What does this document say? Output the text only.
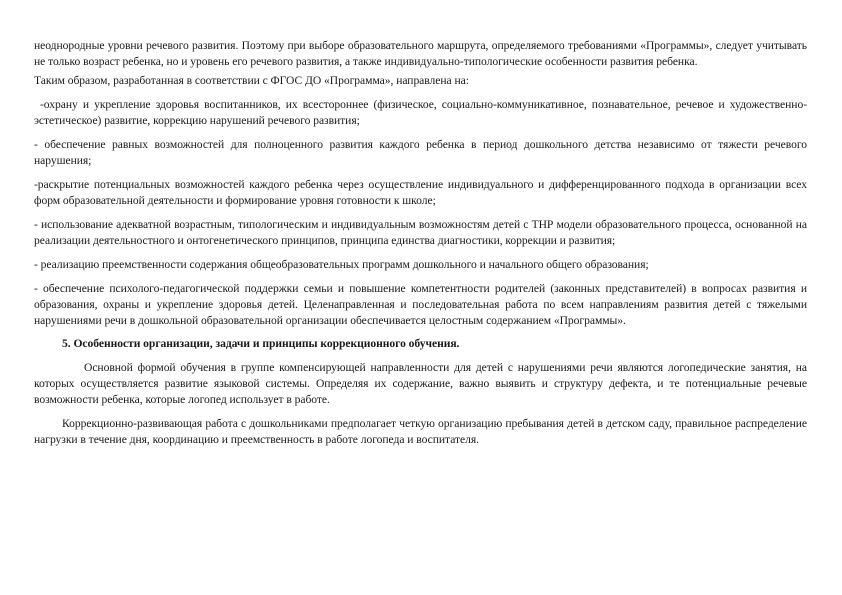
неоднородные уровни речевого развития. Поэтому при выборе образовательного маршрута, определяемого требованиями «Программы», следует учитывать не только возраст ребенка, но и уровень его речевого развития, а также индивидуально-типологические особенности развития ребенка.

Таким образом, разработанная в соответствии с ФГОС ДО «Программа», направлена на:

-охрану и укрепление здоровья воспитанников, их всестороннее (физическое, социально-коммуникативное, познавательное, речевое и художественно-эстетическое) развитие, коррекцию нарушений речевого развития;

- обеспечение равных возможностей для полноценного развития каждого ребенка в период дошкольного детства независимо от тяжести речевого нарушения;

-раскрытие потенциальных возможностей каждого ребенка через осуществление индивидуального и дифференцированного подхода в организации всех форм образовательной деятельности и формирование уровня готовности к школе;

- использование адекватной возрастным, типологическим и индивидуальным возможностям детей с ТНР модели образовательного процесса, основанной на реализации деятельностного и онтогенетического принципов, принципа единства диагностики, коррекции и развития;

- реализацию преемственности содержания общеобразовательных программ дошкольного и начального общего образования;

- обеспечение психолого-педагогической поддержки семьи и повышение компетентности родителей (законных представителей) в вопросах развития и образования, охраны и укрепление здоровья детей. Целенаправленная и последовательная работа по всем направлениям развития детей с тяжелыми нарушениями речи в дошкольной образовательной организации обеспечивается целостным содержанием «Программы».

5. Особенности организации, задачи и принципы коррекционного обучения.

Основной формой обучения в группе компенсирующей направленности для детей с нарушениями речи являются логопедические занятия, на которых осуществляется развитие языковой системы. Определяя их содержание, важно выявить и структуру дефекта, и те потенциальные речевые возможности ребенка, которые логопед использует в работе.

Коррекционно-развивающая работа с дошкольниками предполагает четкую организацию пребывания детей в детском саду, правильное распределение нагрузки в течение дня, координацию и преемственность в работе логопеда и воспитателя.
